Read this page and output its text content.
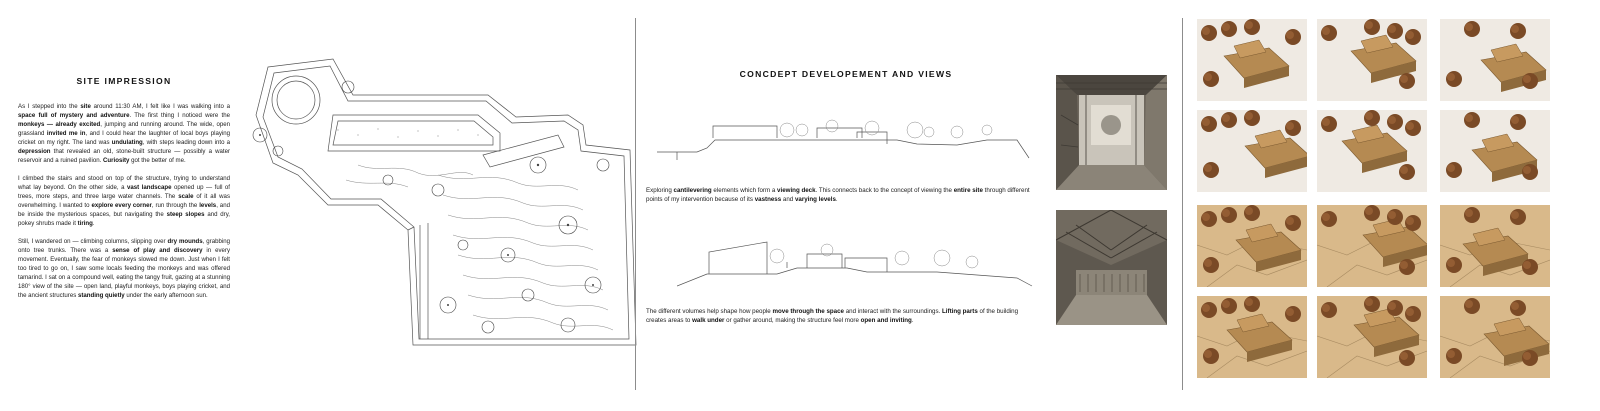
SITE IMPRESSION

As I stepped into the site around 11:30 AM, I felt like I was walking into a space full of mystery and adventure. The first thing I noticed were the monkeys — already excited, jumping and running around. The wide, open grassland invited me in, and I could hear the laughter of local boys playing cricket on my right. The land was undulating, with steps leading down into a depression that revealed an old, stone-built structure — possibly a water reservoir and a ruined pavilion. Curiosity got the better of me.

I climbed the stairs and stood on top of the structure, trying to understand what lay beyond. On the other side, a vast landscape opened up — full of trees, more steps, and three large water channels. The scale of it all was overwhelming. I wanted to explore every corner, run through the levels, and be inside the mysterious spaces, but navigating the steep slopes and dry, pokey shrubs made it tiring.

Still, I wandered on — climbing columns, slipping over dry mounds, grabbing onto tree trunks. There was a sense of play and discovery in every movement. Eventually, the fear of monkeys slowed me down. Just when I felt too tired to go on, I saw some locals feeding the monkeys and was offered tamarind. I sat on a compound well, eating the tangy fruit, gazing at a stunning 180° view of the site — open land, playful monkeys, boys playing cricket, and the ancient structures standing quietly under the early afternoon sun.

CONCDEPT DEVELOPEMENT AND VIEWS
Exploring cantilevering elements which form a viewing deck. This connects back to the concept of viewing the entire site through different points of my intervention because of its vastness and varying levels.
The different volumes help shape how people move through the space and interact with the surroundings. Lifting parts of the building creates areas to walk under or gather around, making the structure feel more open and inviting.
